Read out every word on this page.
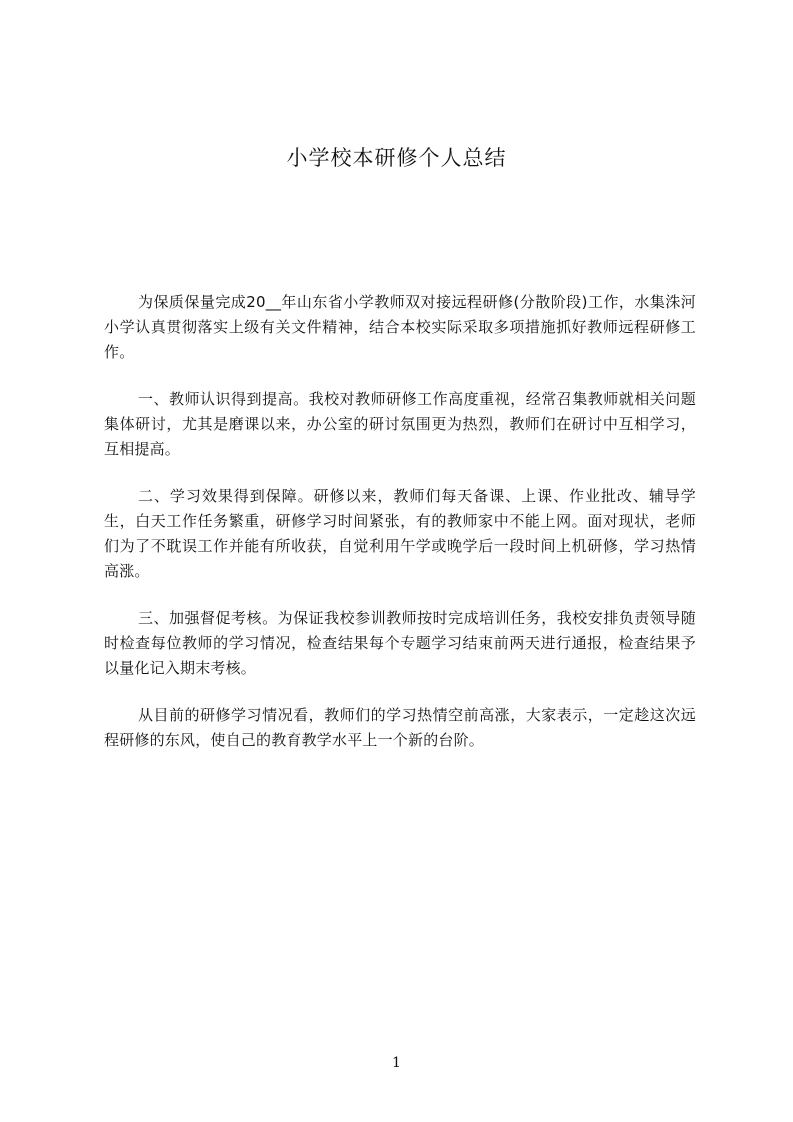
小学校本研修个人总结

为保质保量完成20__年山东省小学教师双对接远程研修(分散阶段)工作，水集洙河小学认真贯彻落实上级有关文件精神，结合本校实际采取多项措施抓好教师远程研修工作。

一、教师认识得到提高。我校对教师研修工作高度重视，经常召集教师就相关问题集体研讨，尤其是磨课以来，办公室的研讨氛围更为热烈，教师们在研讨中互相学习，互相提高。

二、学习效果得到保障。研修以来，教师们每天备课、上课、作业批改、辅导学生，白天工作任务繁重，研修学习时间紧张，有的教师家中不能上网。面对现状，老师们为了不耽误工作并能有所收获，自觉利用午学或晚学后一段时间上机研修，学习热情高涨。

三、加强督促考核。为保证我校参训教师按时完成培训任务，我校安排负责领导随时检查每位教师的学习情况，检查结果每个专题学习结束前两天进行通报，检查结果予以量化记入期末考核。

从目前的研修学习情况看，教师们的学习热情空前高涨，大家表示，一定趁这次远程研修的东风，使自己的教育教学水平上一个新的台阶。

1
